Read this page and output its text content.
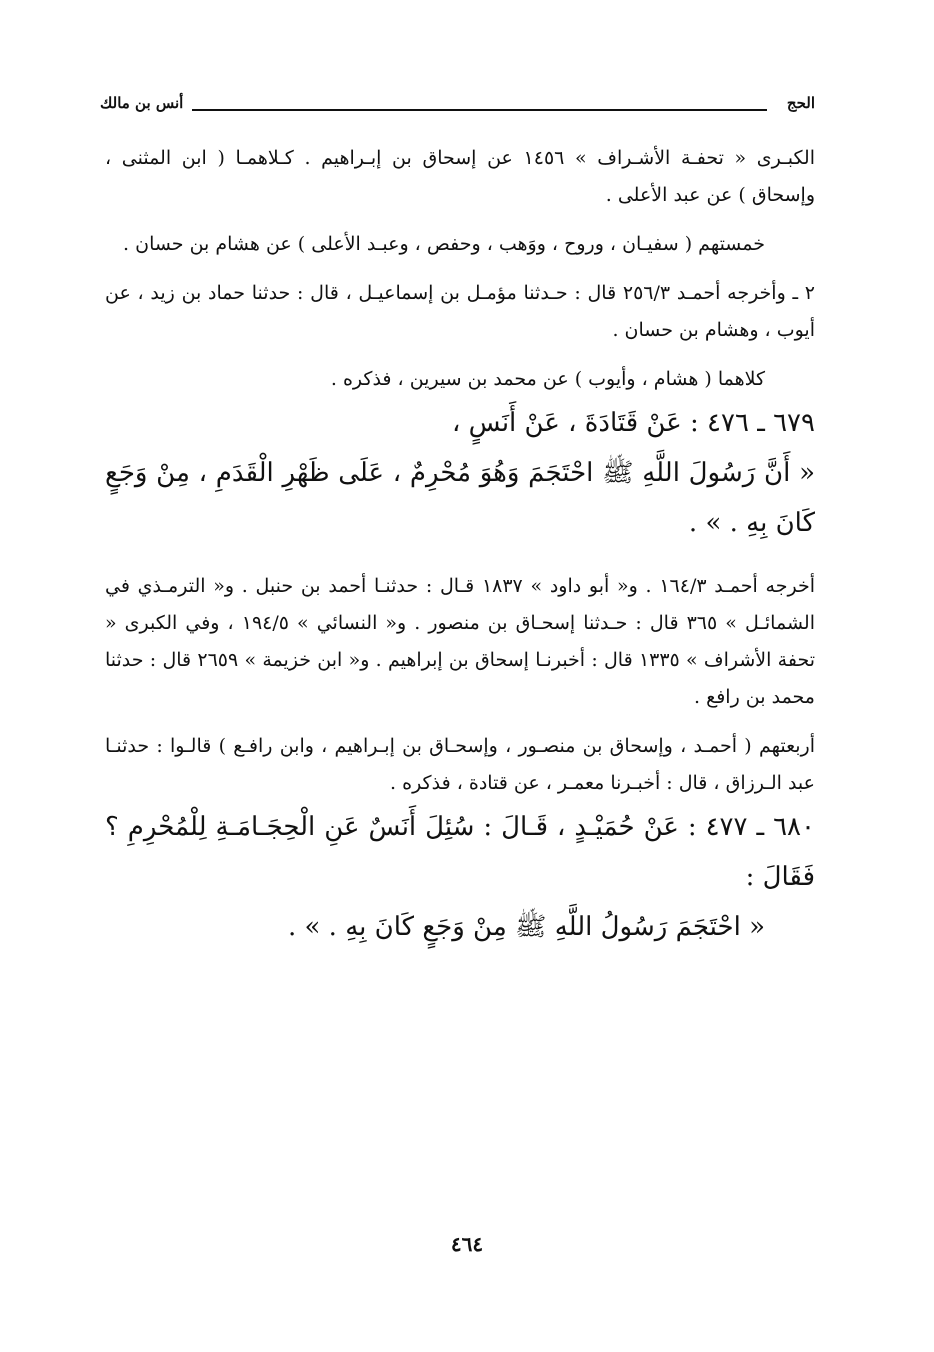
أنس بن مالك	الحج

الكبـرى « تحفـة الأشـراف » ١٤٥٦ عن إسحاق بن إبـراهيم . كـلاهمـا ( ابن المثنى ، وإسحاق ) عن عبد الأعلى .

خمستهم ( سفيـان ، وروح ، ووَهب ، وحفص ، وعبـد الأعلى ) عن هشام بن حسان .

٢ ـ وأخرجه أحمـد ٢٥٦/٣ قال : حـدثنا مؤمـل بن إسماعيـل ، قال : حدثنا حماد بن زيد ، عن أيوب ، وهشام بن حسان .

كلاهما ( هشام ، وأيوب ) عن محمد بن سيرين ، فذكره .

٦٧٩ ـ ٤٧٦ : عَنْ قَتَادَةَ ، عَنْ أَنَسٍ ،

« أَنَّ رَسُولَ اللَّهِ ﷺ احْتَجَمَ وَهُوَ مُحْرِمٌ ، عَلَى ظَهْرِ الْقَدَمِ ، مِنْ وَجَعٍ كَانَ بِهِ . » .

أخرجه أحمـد ١٦٤/٣ . و« أبو داود » ١٨٣٧ قـال : حدثنـا أحمد بن حنبل . و« الترمـذي في الشمائـل » ٣٦٥ قال : حـدثنا إسحـاق بن منصور . و« النسائي » ١٩٤/٥ ، وفي الكبرى « تحفة الأشراف » ١٣٣٥ قال : أخبرنـا إسحاق بن إبراهيم . و« ابن خزيمة » ٢٦٥٩ قال : حدثنا محمد بن رافع .

أربعتهم ( أحمـد ، وإسحاق بن منصـور ، وإسحـاق بن إبـراهيم ، وابن رافـع ) قالـوا : حدثنـا عبد الـرزاق ، قال : أخبـرنا معمـر ، عن قتادة ، فذكره .

٦٨٠ ـ ٤٧٧ : عَنْ حُمَيْـدٍ ، قَـالَ : سُئِلَ أَنَسٌ عَنِ الْحِجَـامَـةِ لِلْمُحْرِمِ ؟ فَقَالَ :

« احْتَجَمَ رَسُولُ اللَّهِ ﷺ مِنْ وَجَعٍ كَانَ بِهِ . » .

٤٦٤
